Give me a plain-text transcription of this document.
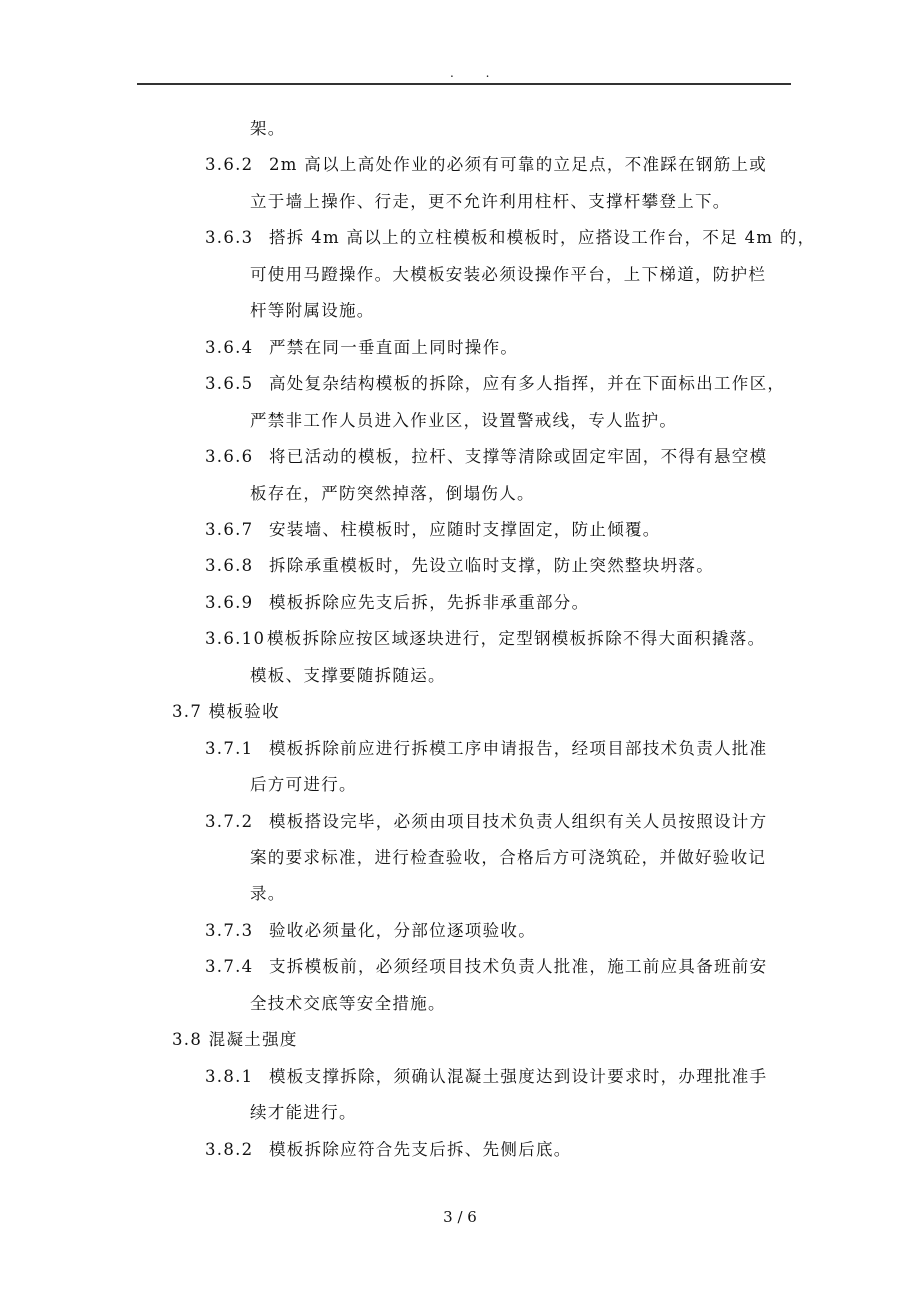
. .
架。
3.6.2 2m 高以上高处作业的必须有可靠的立足点，不准踩在钢筋上或
立于墙上操作、行走，更不允许利用柱杆、支撑杆攀登上下。
3.6.3 搭拆 4m 高以上的立柱模板和模板时，应搭设工作台，不足 4m 的，
可使用马蹬操作。大模板安装必须设操作平台，上下梯道，防护栏
杆等附属设施。
3.6.4 严禁在同一垂直面上同时操作。
3.6.5 高处复杂结构模板的拆除，应有多人指挥，并在下面标出工作区，
严禁非工作人员进入作业区，设置警戒线，专人监护。
3.6.6 将已活动的模板，拉杆、支撑等清除或固定牢固，不得有悬空模
板存在，严防突然掉落，倒塌伤人。
3.6.7 安装墙、柱模板时，应随时支撑固定，防止倾覆。
3.6.8 拆除承重模板时，先设立临时支撑，防止突然整块坍落。
3.6.9 模板拆除应先支后拆，先拆非承重部分。
3.6.10 模板拆除应按区域逐块进行，定型钢模板拆除不得大面积撬落。
模板、支撑要随拆随运。
3.7 模板验收
3.7.1 模板拆除前应进行拆模工序申请报告，经项目部技术负责人批准
后方可进行。
3.7.2 模板搭设完毕，必须由项目技术负责人组织有关人员按照设计方
案的要求标准，进行检查验收，合格后方可浇筑砼，并做好验收记
录。
3.7.3 验收必须量化，分部位逐项验收。
3.7.4 支拆模板前，必须经项目技术负责人批准，施工前应具备班前安
全技术交底等安全措施。
3.8 混凝土强度
3.8.1 模板支撑拆除，须确认混凝土强度达到设计要求时，办理批准手
续才能进行。
3.8.2 模板拆除应符合先支后拆、先侧后底。
3 / 6
